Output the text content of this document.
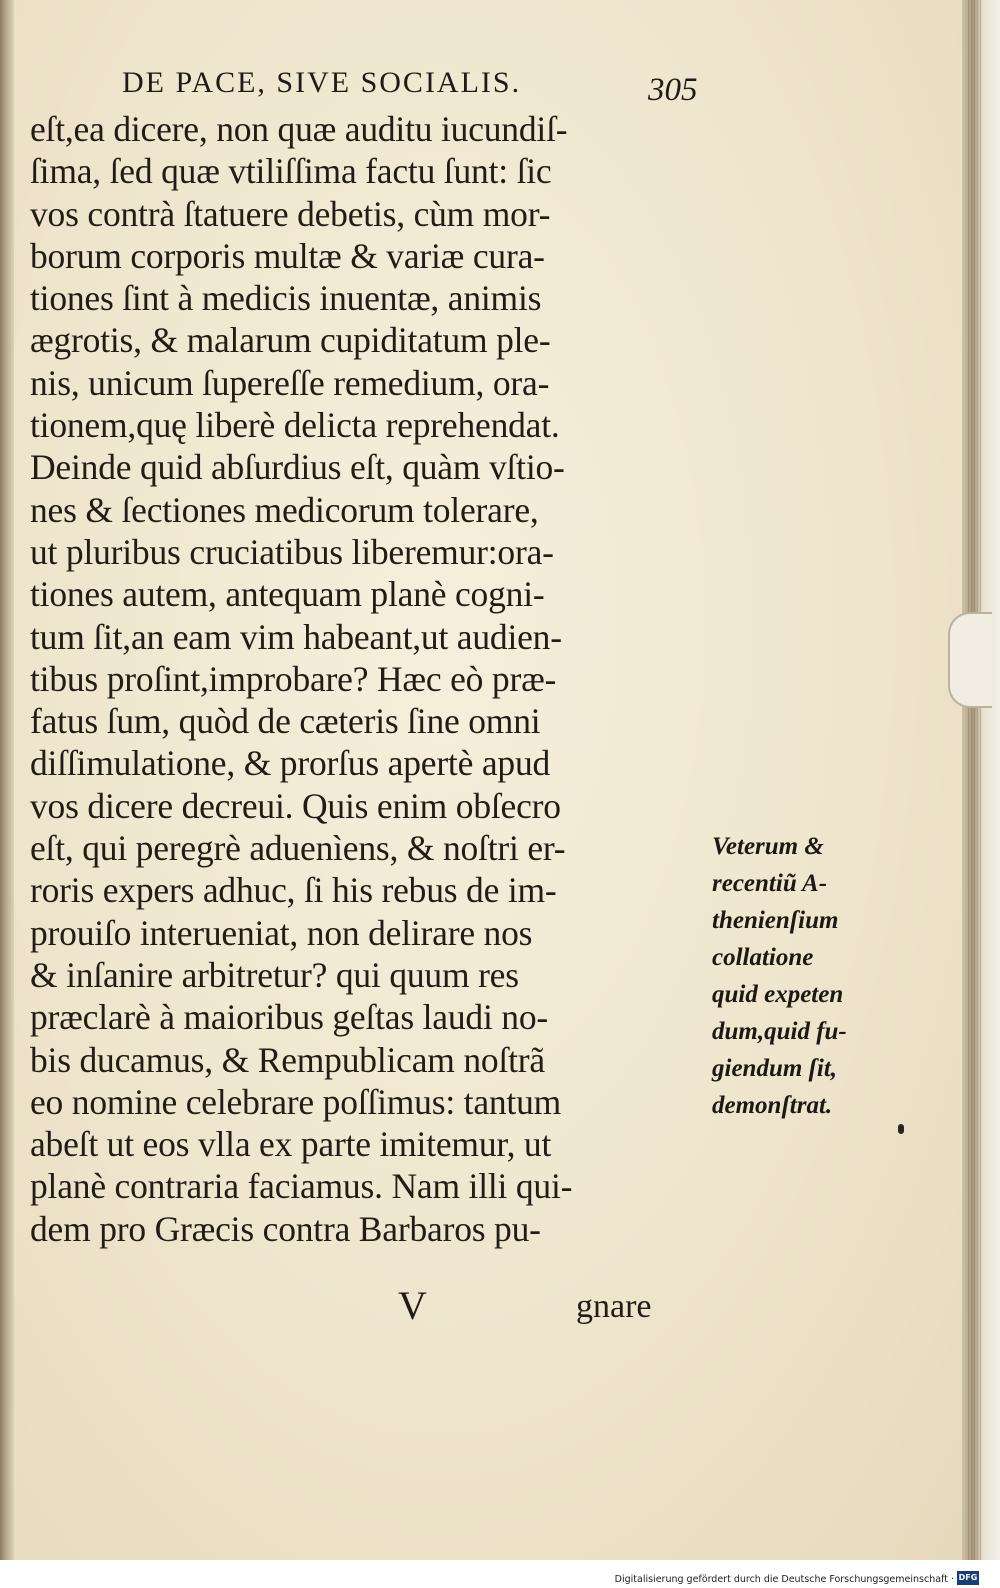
DE PACE, SIVE SOCIALIS.	305
eſt,ea dicere, non quæ auditu iucundiſ-
ſima, ſed quæ vtiliſſima factu ſunt: ſic
vos contrà ſtatuere debetis, cùm mor-
borum corporis multæ & variæ cura-
tiones ſint à medicis inuentæ, animis
ægrotis, & malarum cupiditatum ple-
nis, unicum ſupereſſe remedium, ora-
tionem,quę liberè delicta reprehendat.
Deinde quid abſurdius eſt, quàm vſtio-
nes & ſectiones medicorum tolerare,
ut pluribus cruciatibus liberemur:ora-
tiones autem, antequam planè cogni-
tum ſit,an eam vim habeant,ut audien-
tibus proſint,improbare? Hæc eò præ-
fatus ſum, quòd de cæteris ſine omni
diſſimulatione, & prorſus apertè apud
vos dicere decreui. Quis enim obſecro
eſt, qui peregrè aduenìens, & noſtri er-
roris expers adhuc, ſi his rebus de im-
prouiſo interueniat, non delirare nos
& inſanire arbitretur? qui quum res
præclarè à maioribus geſtas laudi no-
bis ducamus, & Rempublicam noſtrã
eo nomine celebrare poſſimus: tantum
abeſt ut eos vlla ex parte imitemur, ut
planè contraria faciamus. Nam illi qui-
dem pro Græcis contra Barbaros pu-
Veterum &
recentiũ A-
thenienſium
collatione
quid expeten
dum,quid fu-
giendum ſit,
demonſtrat.
V	gnare
Digitalisierung gefördert durch die Deutsche Forschungsgemeinschaft · DFG
